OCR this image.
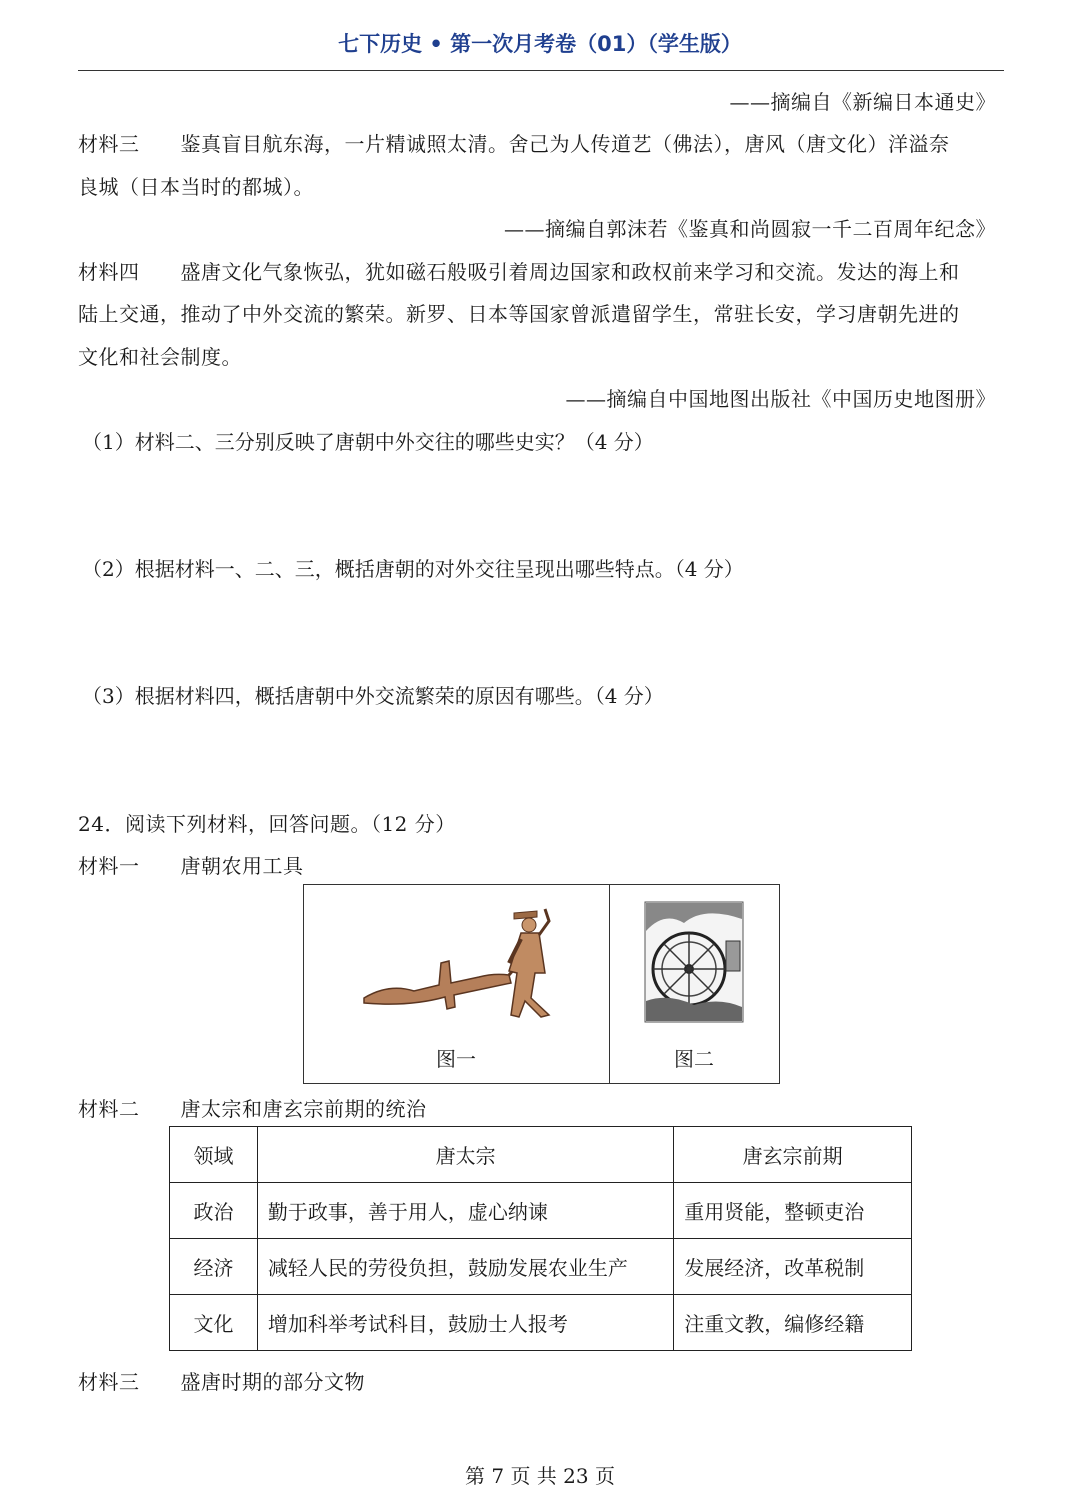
七下历史 • 第一次月考卷（01）（学生版）
——摘编自《新编日本通史》
材料三　　鉴真盲目航东海，一片精诚照太清。舍己为人传道艺（佛法），唐风（唐文化）洋溢奈
良城（日本当时的都城）。
——摘编自郭沫若《鉴真和尚圆寂一千二百周年纪念》
材料四　　盛唐文化气象恢弘，犹如磁石般吸引着周边国家和政权前来学习和交流。发达的海上和
陆上交通，推动了中外交流的繁荣。新罗、日本等国家曾派遣留学生，常驻长安，学习唐朝先进的
文化和社会制度。
——摘编自中国地图出版社《中国历史地图册》
（1）材料二、三分别反映了唐朝中外交往的哪些史实？（4 分）
（2）根据材料一、二、三，概括唐朝的对外交往呈现出哪些特点。（4 分）
（3）根据材料四，概括唐朝中外交流繁荣的原因有哪些。（4 分）
24．阅读下列材料，回答问题。（12 分）
材料一　　唐朝农用工具
图一	图二
材料二　　唐太宗和唐玄宗前期的统治
领域	唐太宗	唐玄宗前期
政治	勤于政事，善于用人，虚心纳谏	重用贤能，整顿吏治
经济	减轻人民的劳役负担，鼓励发展农业生产	发展经济，改革税制
文化	增加科举考试科目，鼓励士人报考	注重文教，编修经籍
材料三　　盛唐时期的部分文物
第 7 页 共 23 页
